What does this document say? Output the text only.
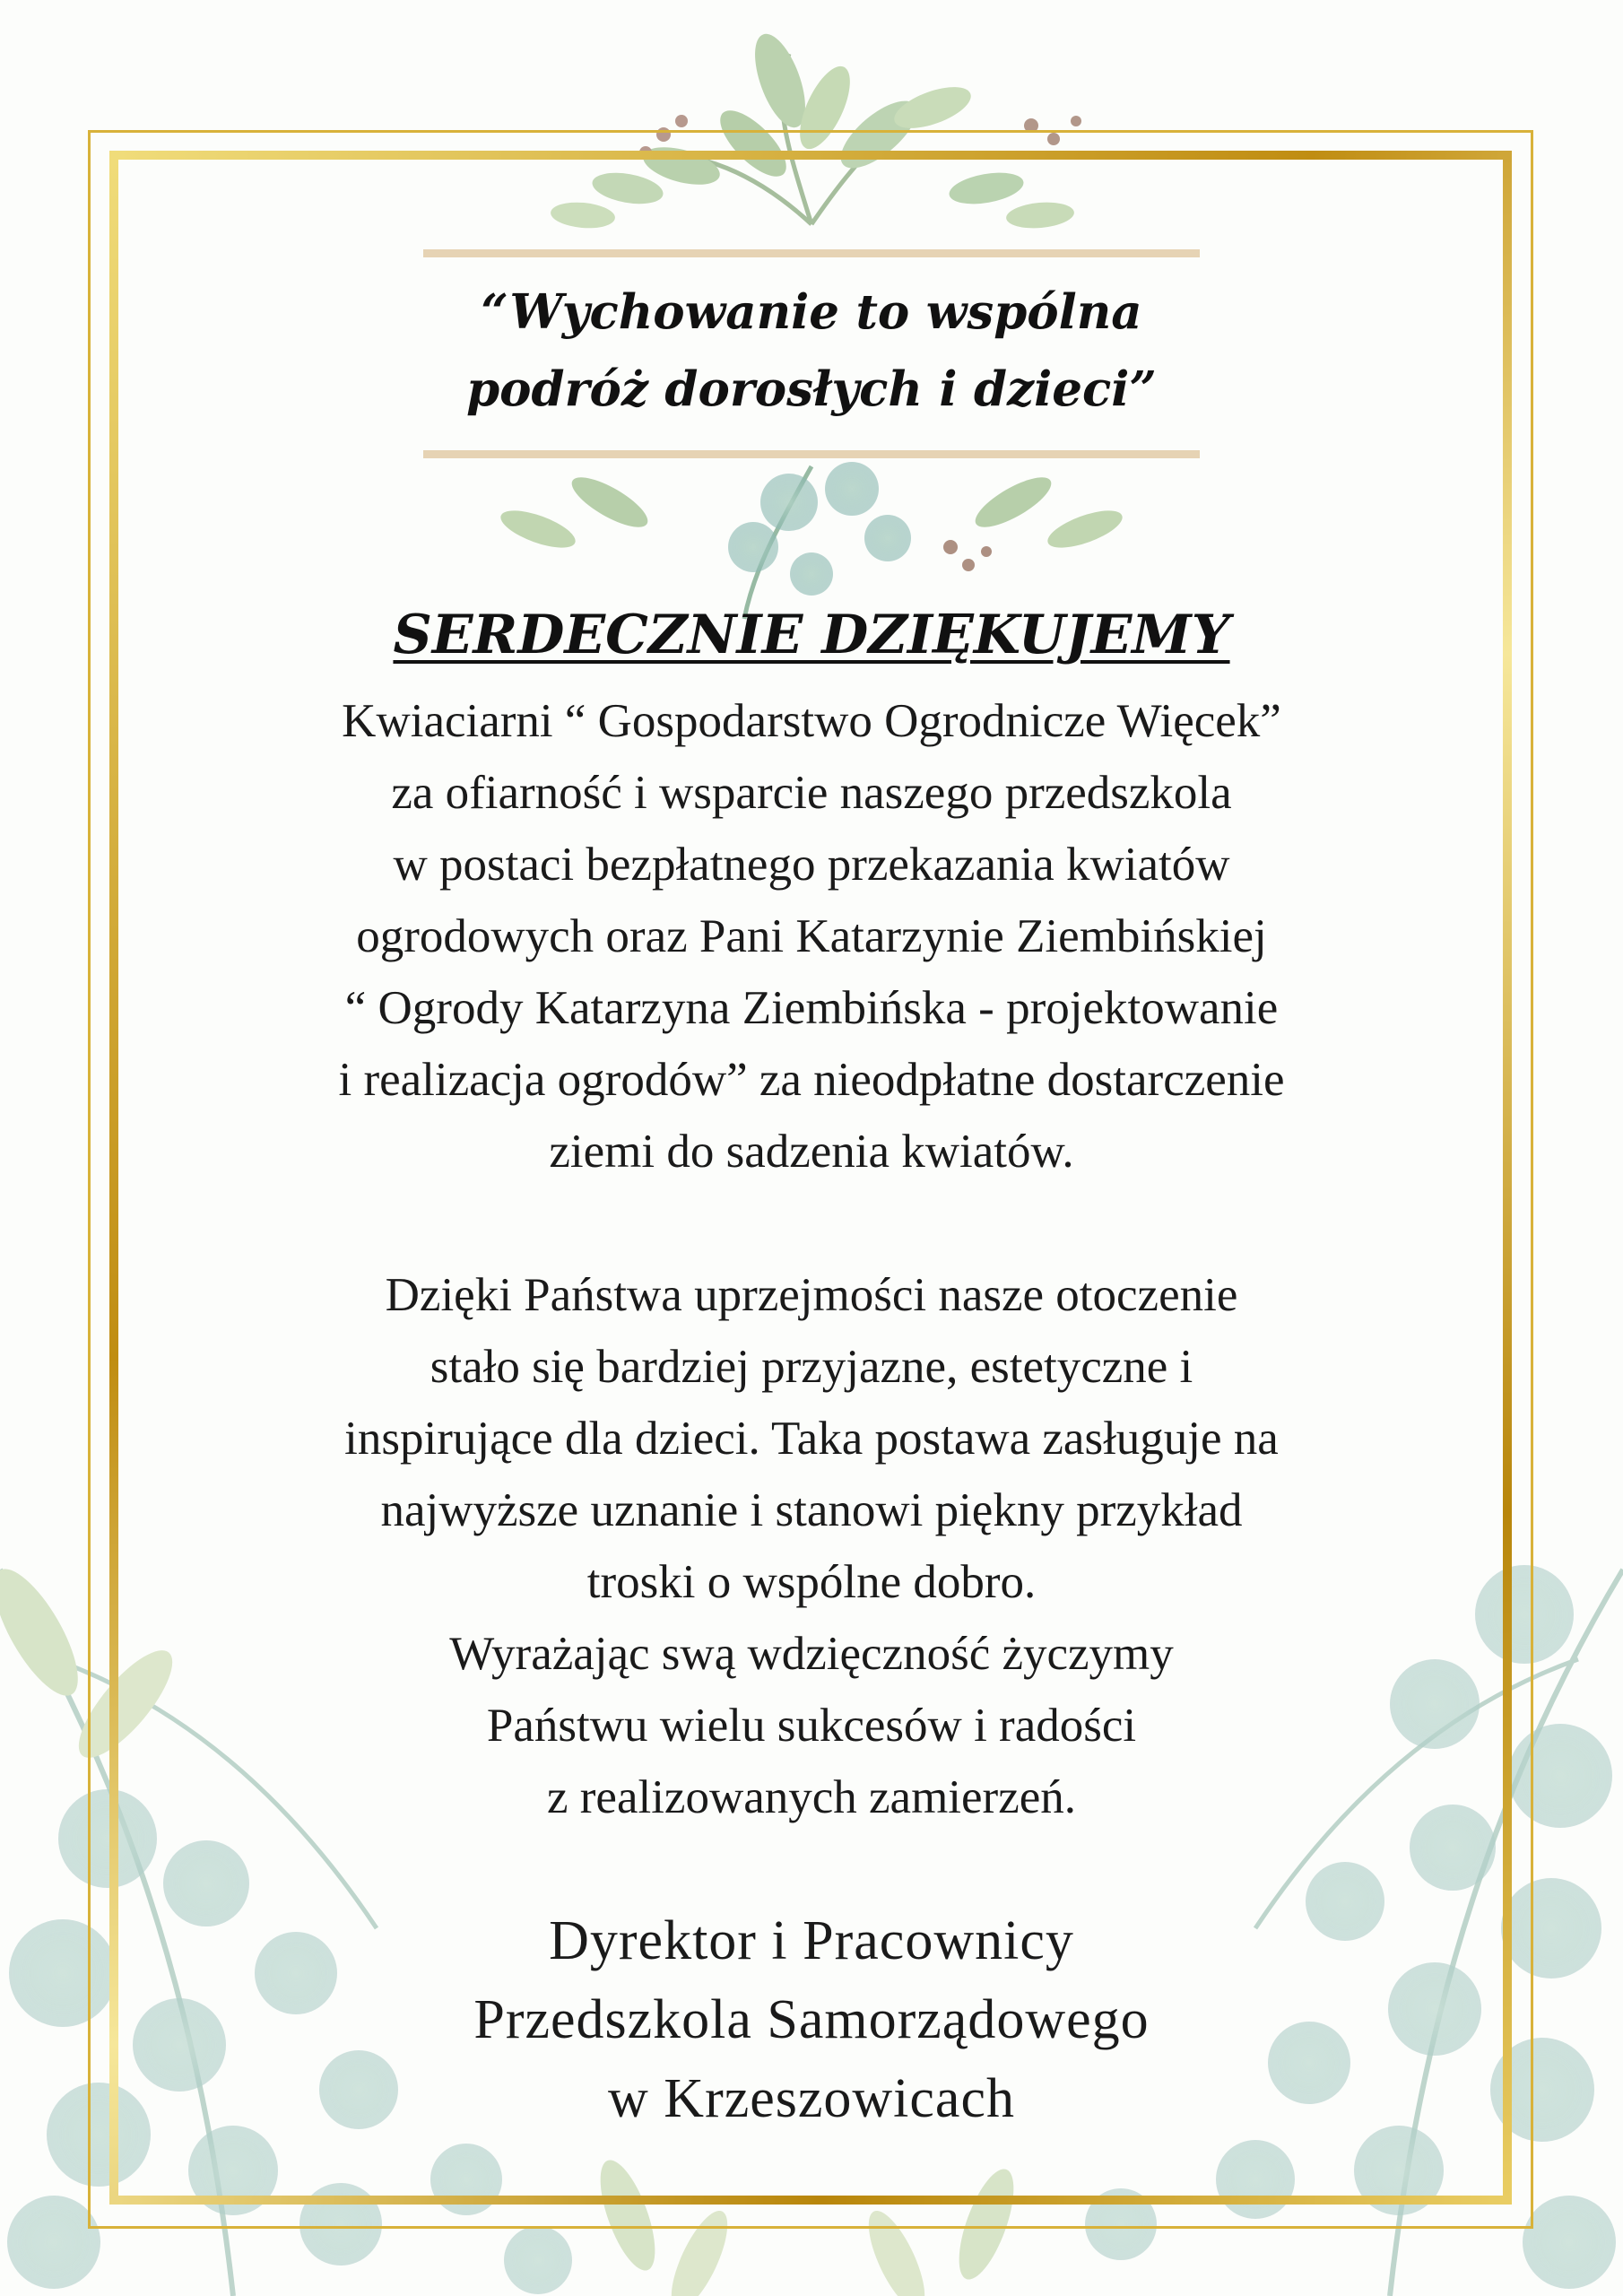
“Wychowanie to wspólna
podróż dorosłych i dzieci”

SERDECZNIE DZIĘKUJEMY

Kwiaciarni “ Gospodarstwo Ogrodnicze Więcek”
za ofiarność i wsparcie naszego przedszkola
w postaci bezpłatnego przekazania kwiatów
ogrodowych oraz Pani Katarzynie Ziembińskiej
“ Ogrody Katarzyna Ziembińska - projektowanie
i realizacja ogrodów” za nieodpłatne dostarczenie
ziemi do sadzenia kwiatów.

Dzięki Państwa uprzejmości nasze otoczenie
stało się bardziej przyjazne, estetyczne i
inspirujące dla dzieci. Taka postawa zasługuje na
najwyższe uznanie i stanowi piękny przykład
troski o wspólne dobro.
Wyrażając swą wdzięczność życzymy
Państwu wielu sukcesów i radości
z realizowanych zamierzeń.

Dyrektor i Pracownicy
Przedszkola Samorządowego
w Krzeszowicach
